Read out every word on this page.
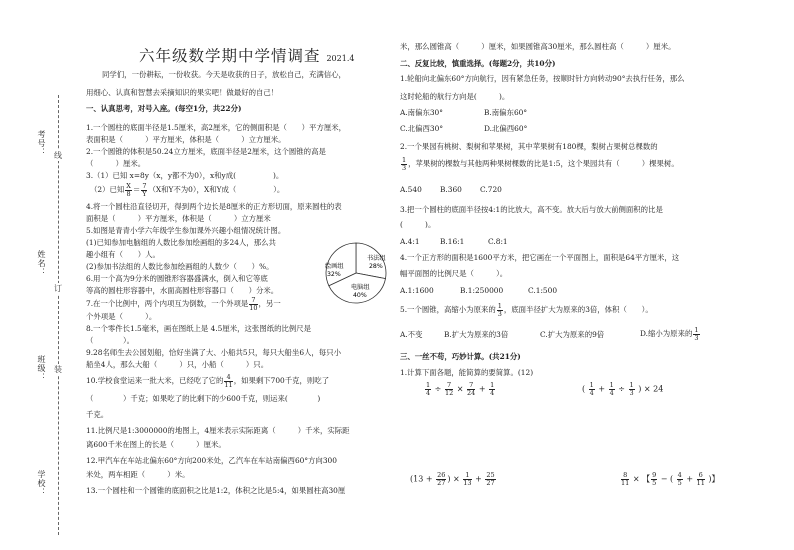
考号：
姓名：
班级：
学校：
线
订
装
六年级数学期中学情调查 2021.4
同学们，一份耕耘，一份收获。今天是收获的日子，放松自己，充满信心，
用细心、认真和智慧去采摘知识的果实吧！做最好的自己！
一、认真思考，对号入座。(每空1分，共22分)
1.一个圆柱的底面半径是1.5厘米，高2厘米，它的侧面积是（　　）平方厘米，
表面积是（　　　）平方厘米，体积是（　　　）立方厘米。
2.一个圆锥的体积是50.24立方厘米，底面半径是2厘米，这个圆锥的高是
（　　　）厘米。
3.（1）已知 x=8y（x，y都不为0），x和y成(　　　　　)。
（2）已知 $\frac{X}{8} = \frac{7}{Y} (X$和Y不为0），X和Y成（　　　　　）。
4.将一个圆柱沿直径切开，得到两个边长是8厘米的正方形切面，原来圆柱的表
面积是（　　　）平方厘米，体积是（　　　）立方厘米
5.如图是青青小学六年级学生参加课外兴趣小组情况统计图。
(1)已知参加电脑组的人数比参加绘画组的多24人，那么共
趣小组有（　　）人。
(2)参加书法组的人数比参加绘画组的人数少（　　）%。
6.用一个高为9分米的圆锥形容器盛满水，倒入和它等底
等高的圆柱形容器中，水面高圆柱形容器口（　　）分米。
7.在一个比例中，两个内项互为倒数，一个外项是 $\frac{7}{10}$ ，另一
个外项是（　　　）。
8.一个零件长1.5毫米，画在图纸上是 4.5厘米，这张图纸的比例尺是
（　　　　）。
9.28名师生去公园划船，恰好坐满了大、小船共5只，每只大船坐6人，每只小
船坐4人，那么大船（　　　）只，小船（　　　）只。
10.学校食堂运来一批大米，已经吃了它的 $\frac{4}{11}$ ，如果剩下700千克，则吃了
（　　　　）千克；如果吃了的比剩下的少600千克，则运来(　　　　)
千克。
11.比例尺是1:3000000的地图上，4厘米表示实际距离（　　　）千米，实际距
离600千米在图上的长是（　　　）厘米。
12.甲汽车在车站北偏东60°方向200米处，乙汽车在车站南偏西60°方向300
米处，两车相距（　　　）米。
13.一个圆柱和一个圆锥的底面积之比是1:2，体积之比是5:4，如果圆柱高30厘
书法组
28%
电脑组
40%
绘画组
32%
米，那么圆锥高（　　　）厘米，如果圆锥高30厘米，那么圆柱高（　　　）厘米。
二、反复比较，慎重选择。(每题2分，共10分)
1.轮船向北偏东60°方向航行，因有紧急任务，按顺时针方向转动90°去执行任务，那么
这时轮船的航行方向是(　　　)。
A.南偏东30°	B.南偏东60°
C.北偏西30°	D.北偏西60°
2.一个果园有桃树、梨树和苹果树，其中苹果树有180棵，梨树占果树总棵数的
$\frac{1}{3}$ ，苹果树的棵数与其他两种果树棵数的比是1:5，这个果园共有（　　　）棵果树。
A.540 B.360 C.720
3.把一个圆柱的底面半径按4:1的比放大，高不变。放大后与放大前侧面积的比是
(　　　)。
A.4:1	B.16:1	C.8:1
4.一个正方形的面积是1600平方米，把它画在一个平面图上，面积是64平方厘米，这
幅平面图的比例尺是（　　　）。
A.1:1600	B.1:250000	C.1:500
5.一个圆锥，高缩小为原来的 $\frac{1}{3}$ ，底面半径扩大为原来的3倍，体积（　　）。
A.不变	B.扩大为原来的3倍	C.扩大为原来的9倍	D.缩小为原来的 $\frac{1}{3}$
三、一丝不苟，巧妙计算。(共21分)
1.计算下面各题，能简算的要简算。(12)
$\frac{1}{4} \div \frac{7}{12} \times \frac{7}{24} + \frac{1}{4}$	( $\frac{1}{4} + \frac{1}{4} \div \frac{1}{3}$ ) × 24
($13 + \frac{26}{27}$ ) × $\frac{1}{13} + \frac{25}{27}$	$\frac{8}{11}$ × 【 $\frac{9}{5}$ − ( $\frac{4}{5} + \frac{6}{11}$ )】
